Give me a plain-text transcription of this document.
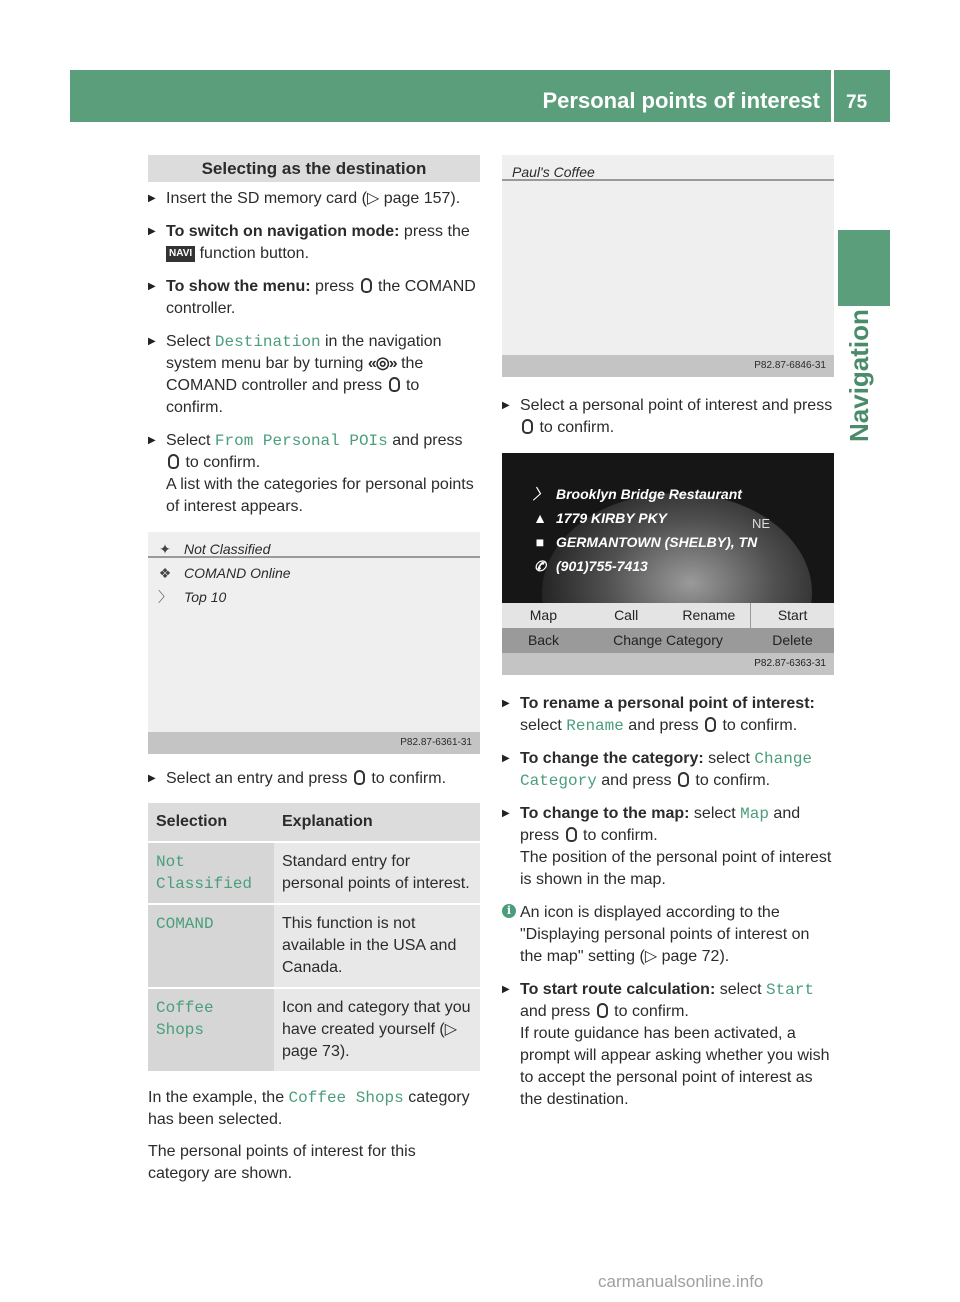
Personal points of interest 75
Navigation
Selecting as the destination
▶ Insert the SD memory card (▷ page 157).
▶ To switch on navigation mode: press the NAVI function button.
▶ To show the menu: press  the COMAND controller.
▶ Select Destination in the navigation system menu bar by turning «◎» the COMAND controller and press  to confirm.
▶ Select From Personal POIs and press
to confirm.
A list with the categories for personal points of interest appears.
✦ Not Classified
❖ COMAND Online
〉 Top 10
P82.87-6361-31
▶ Select an entry and press  to confirm.
Selection	Explanation
Not Classified	Standard entry for personal points of interest.
COMAND	This function is not available in the USA and Canada.
Coffee Shops	Icon and category that you have created yourself (▷ page 73).
In the example, the Coffee Shops category has been selected.
The personal points of interest for this category are shown.
Paul's Coffee
P82.87-6846-31
▶ Select a personal point of interest and press  to confirm.
NE
〉 Brooklyn Bridge Restaurant
▲ 1779 KIRBY PKY
■ GERMANTOWN (SHELBY), TN
✆ (901)755-7413
Map	Call	Rename	Start
Back	Change Category	Delete
P82.87-6363-31
▶ To rename a personal point of interest: select Rename and press  to confirm.
▶ To change the category: select Change Category and press  to confirm.
▶ To change to the map: select Map and press  to confirm.
The position of the personal point of interest is shown in the map.
i An icon is displayed according to the "Displaying personal points of interest on the map" setting (▷ page 72).
▶ To start route calculation: select Start
and press  to confirm.
If route guidance has been activated, a prompt will appear asking whether you wish to accept the personal point of interest as the destination.
carmanualsonline.info
